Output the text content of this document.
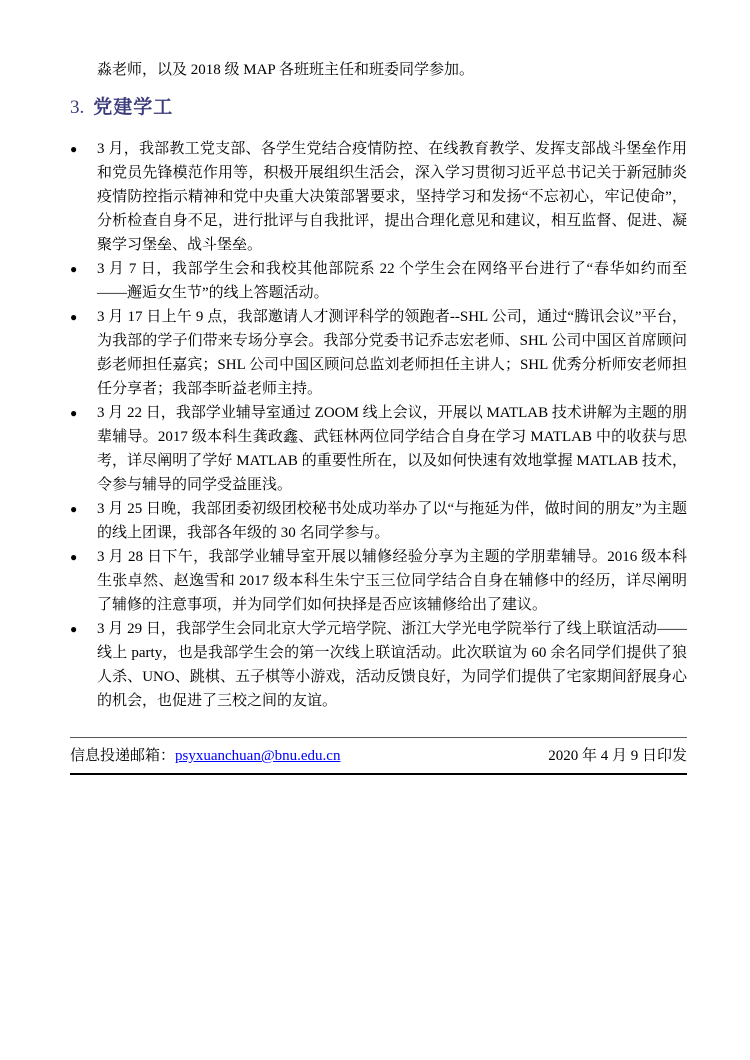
淼老师，以及 2018 级 MAP 各班班主任和班委同学参加。

3. 党建学工
●	3 月，我部教工党支部、各学生党结合疫情防控、在线教育教学、发挥支部战斗堡垒作用和党员先锋模范作用等，积极开展组织生活会，深入学习贯彻习近平总书记关于新冠肺炎疫情防控指示精神和党中央重大决策部署要求，坚持学习和发扬“不忘初心，牢记使命”，分析检查自身不足，进行批评与自我批评，提出合理化意见和建议，相互监督、促进、凝聚学习堡垒、战斗堡垒。
●	3 月 7 日，我部学生会和我校其他部院系 22 个学生会在网络平台进行了“春华如约而至——邂逅女生节”的线上答题活动。
●	3 月 17 日上午 9 点，我部邀请人才测评科学的领跑者--SHL 公司，通过“腾讯会议”平台，为我部的学子们带来专场分享会。我部分党委书记乔志宏老师、SHL 公司中国区首席顾问彭老师担任嘉宾；SHL 公司中国区顾问总监刘老师担任主讲人；SHL 优秀分析师安老师担任分享者；我部李昕益老师主持。
●	3 月 22 日，我部学业辅导室通过 ZOOM 线上会议，开展以 MATLAB 技术讲解为主题的朋辈辅导。2017 级本科生龚政鑫、武钰林两位同学结合自身在学习 MATLAB 中的收获与思考，详尽阐明了学好 MATLAB 的重要性所在，以及如何快速有效地掌握 MATLAB 技术，令参与辅导的同学受益匪浅。
●	3 月 25 日晚，我部团委初级团校秘书处成功举办了以“与拖延为伴，做时间的朋友”为主题的线上团课，我部各年级的 30 名同学参与。
●	3 月 28 日下午，我部学业辅导室开展以辅修经验分享为主题的学朋辈辅导。2016 级本科生张卓然、赵逸雪和 2017 级本科生朱宁玉三位同学结合自身在辅修中的经历，详尽阐明了辅修的注意事项，并为同学们如何抉择是否应该辅修给出了建议。
●	3 月 29 日，我部学生会同北京大学元培学院、浙江大学光电学院举行了线上联谊活动——线上 party，也是我部学生会的第一次线上联谊活动。此次联谊为 60 余名同学们提供了狼人杀、UNO、跳棋、五子棋等小游戏，活动反馈良好，为同学们提供了宅家期间舒展身心的机会，也促进了三校之间的友谊。
信息投递邮箱：psyxuanchuan@bnu.edu.cn	2020 年 4 月 9 日印发
